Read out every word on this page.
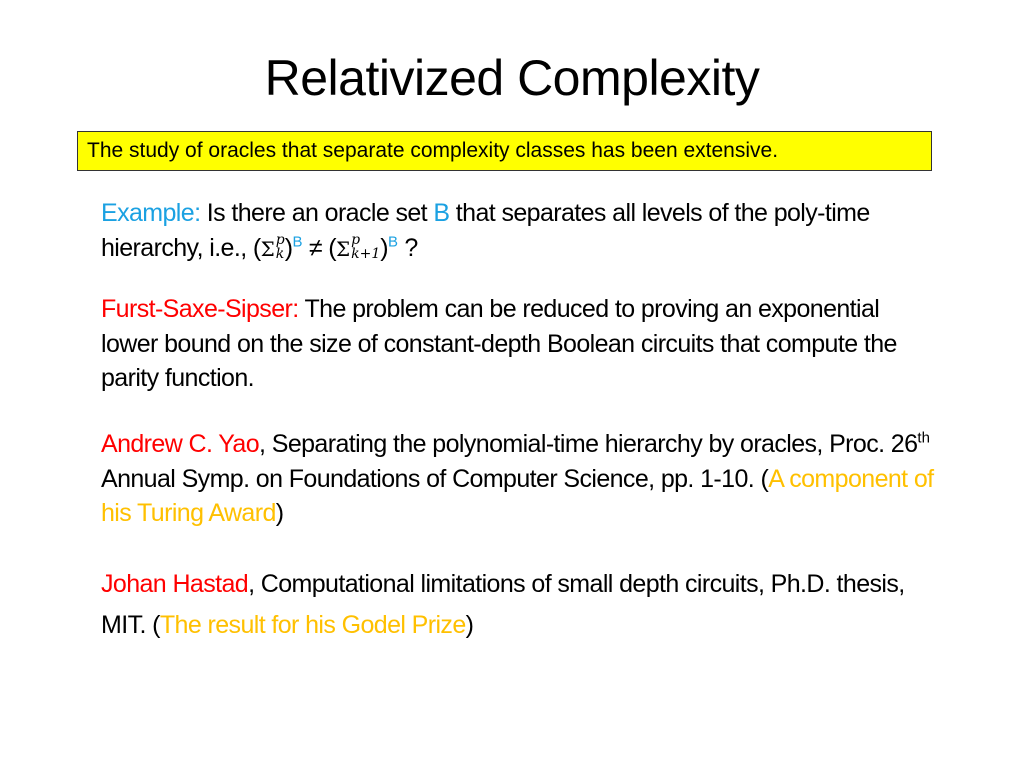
Relativized Complexity
The study of oracles that separate complexity classes has been extensive.
Example: Is there an oracle set B that separates all levels of the poly-time hierarchy, i.e., (Σ p
k )$^B$ ≠ (Σ p
k+1 )$^B$ ?
Furst-Saxe-Sipser: The problem can be reduced to proving an exponential lower bound on the size of constant-depth Boolean circuits that compute the parity function.
Andrew C. Yao, Separating the polynomial-time hierarchy by oracles, Proc. 26th Annual Symp. on Foundations of Computer Science, pp. 1-10. (A component of his Turing Award)
Johan Hastad, Computational limitations of small depth circuits, Ph.D. thesis, MIT. (The result for his Godel Prize)
